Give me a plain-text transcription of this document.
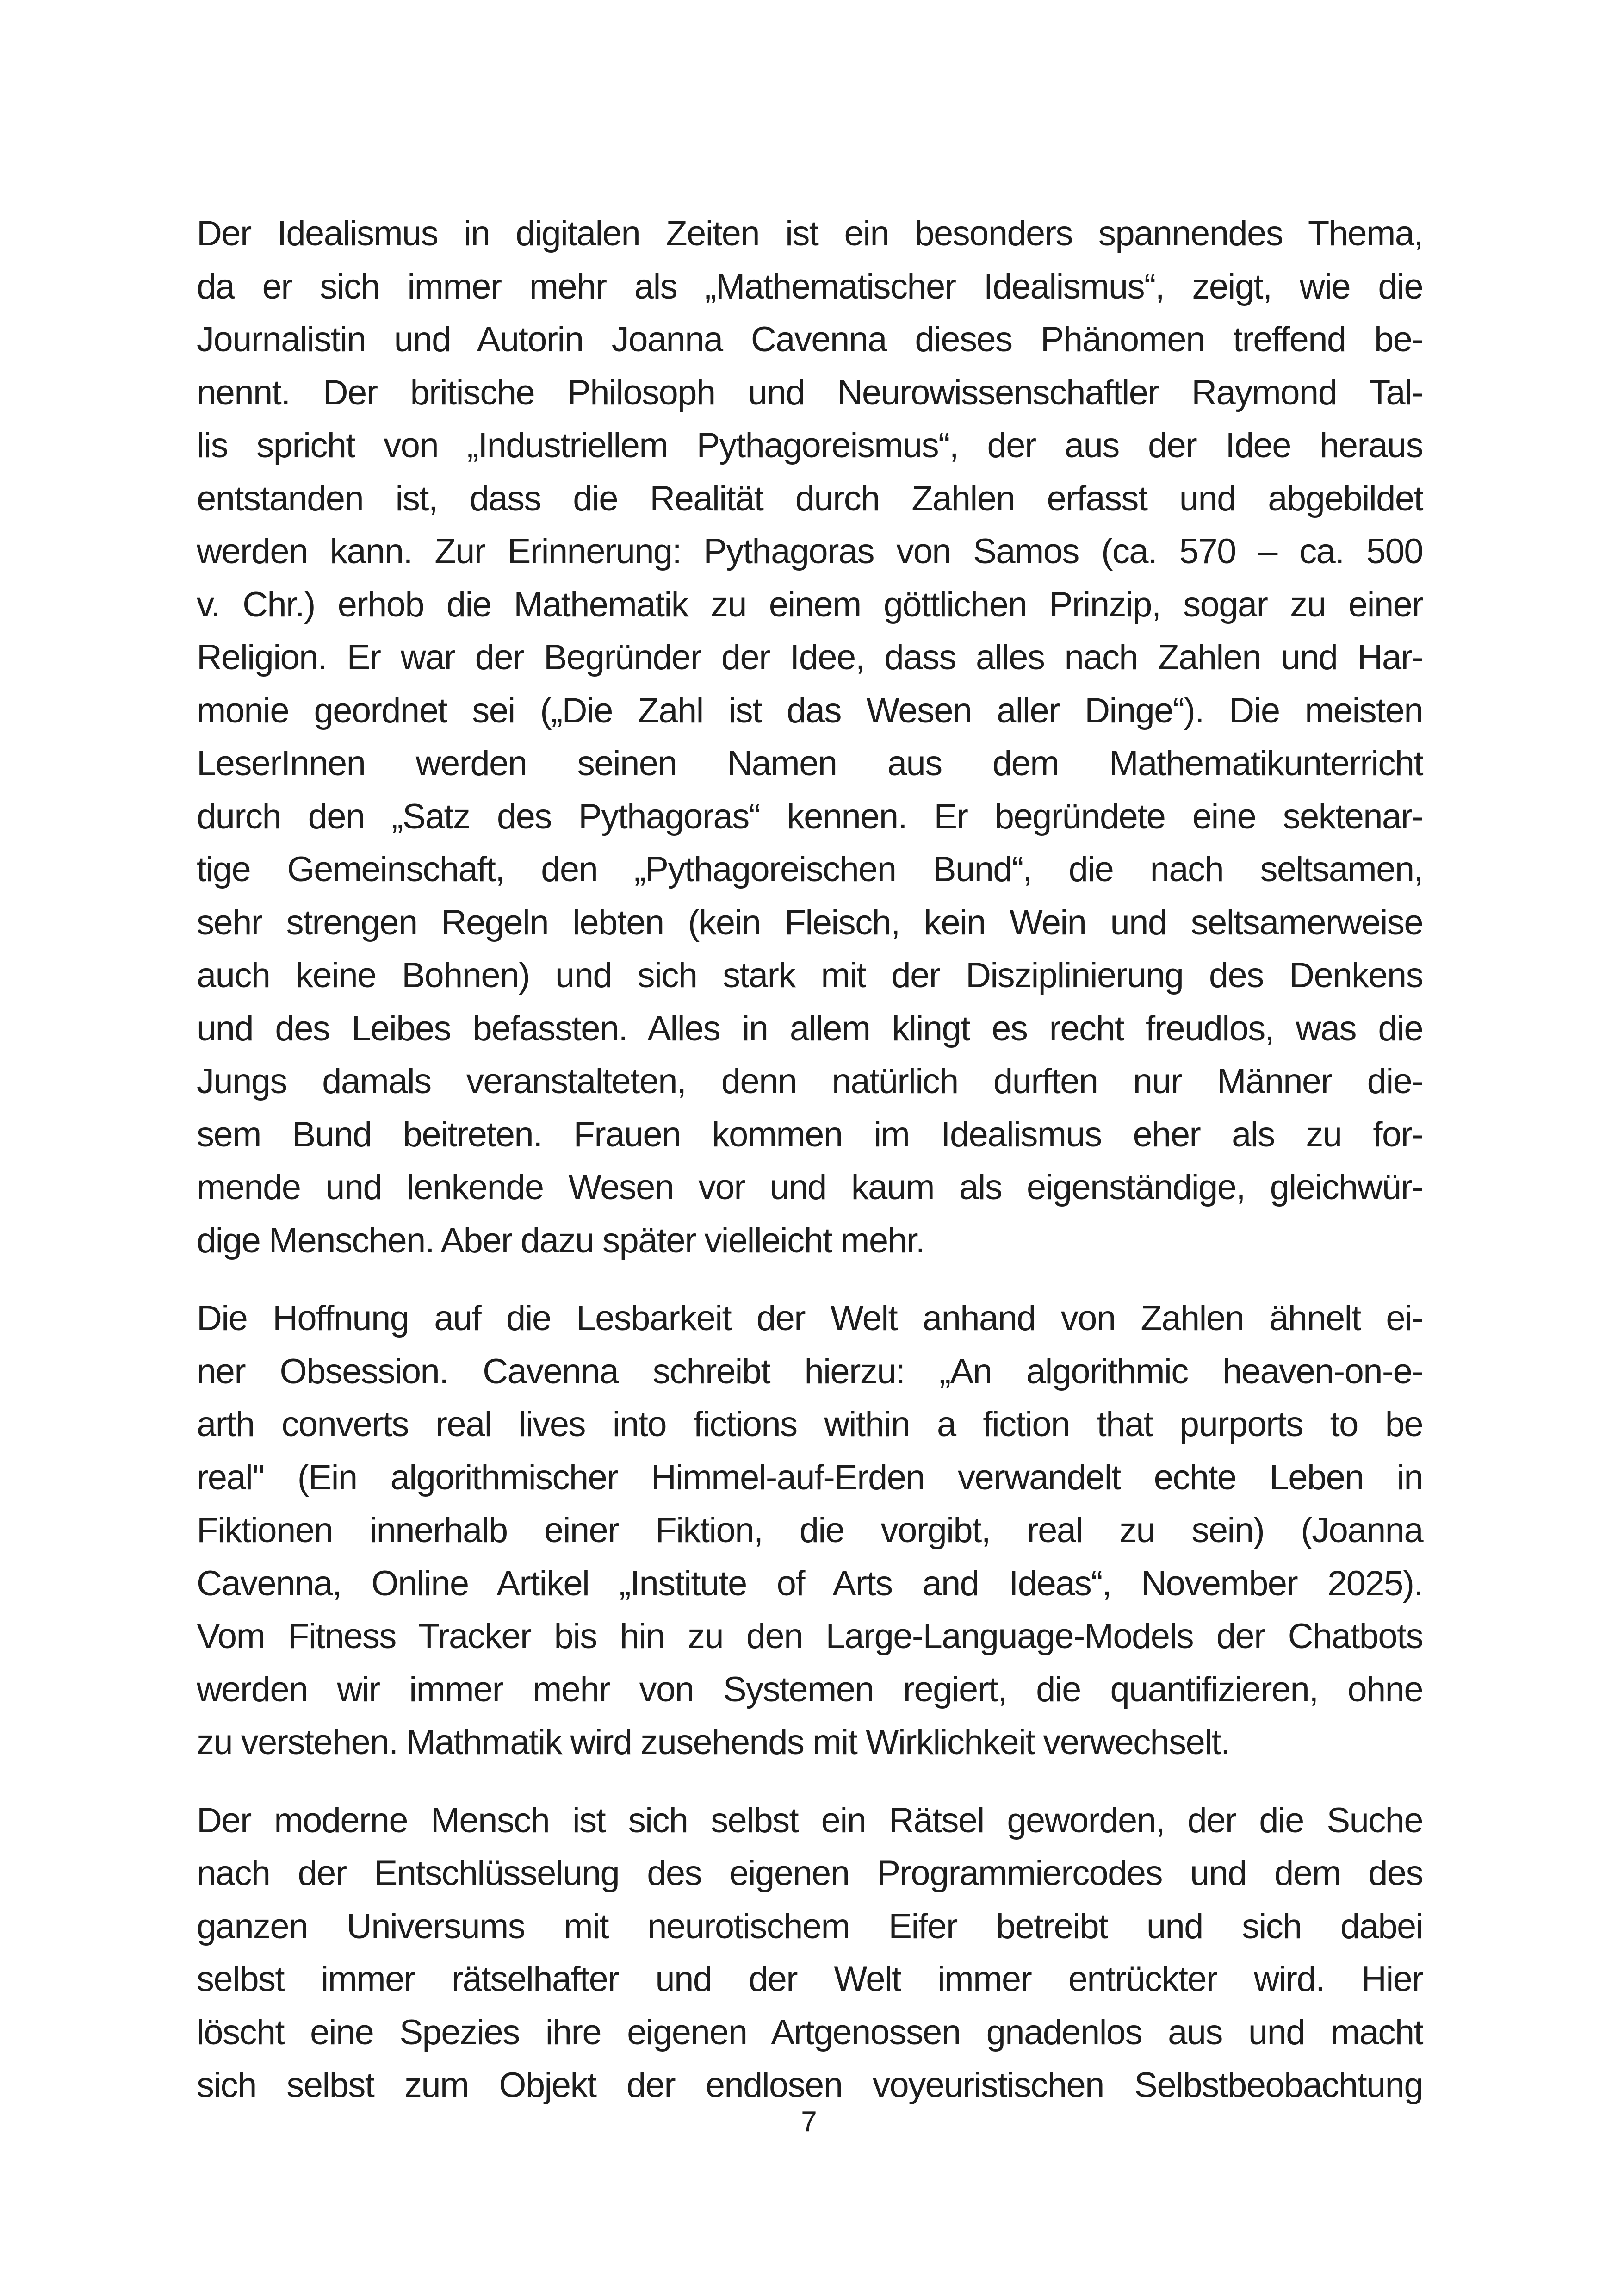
Der Idealismus in digitalen Zeiten ist ein besonders spannendes Thema,
da er sich immer mehr als „Mathematischer Idealismus“, zeigt, wie die
Journalistin und Autorin Joanna Cavenna dieses Phänomen treffend be-
nennt. Der britische Philosoph und Neurowissenschaftler Raymond Tal-
lis spricht von „Industriellem Pythagoreismus“, der aus der Idee heraus
entstanden ist, dass die Realität durch Zahlen erfasst und abgebildet
werden kann. Zur Erinnerung: Pythagoras von Samos (ca. 570 – ca. 500
v. Chr.) erhob die Mathematik zu einem göttlichen Prinzip, sogar zu einer
Religion. Er war der Begründer der Idee, dass alles nach Zahlen und Har-
monie geordnet sei („Die Zahl ist das Wesen aller Dinge“). Die meisten
LeserInnen werden seinen Namen aus dem Mathematikunterricht
durch den „Satz des Pythagoras“ kennen. Er begründete eine sektenar-
tige Gemeinschaft, den „Pythagoreischen Bund“, die nach seltsamen,
sehr strengen Regeln lebten (kein Fleisch, kein Wein und seltsamerweise
auch keine Bohnen) und sich stark mit der Disziplinierung des Denkens
und des Leibes befassten. Alles in allem klingt es recht freudlos, was die
Jungs damals veranstalteten, denn natürlich durften nur Männer die-
sem Bund beitreten. Frauen kommen im Idealismus eher als zu for-
mende und lenkende Wesen vor und kaum als eigenständige, gleichwür-
dige Menschen. Aber dazu später vielleicht mehr.

Die Hoffnung auf die Lesbarkeit der Welt anhand von Zahlen ähnelt ei-
ner Obsession. Cavenna schreibt hierzu: „An algorithmic heaven-on-e-
arth converts real lives into fictions within a fiction that purports to be
real" (Ein algorithmischer Himmel-auf-Erden verwandelt echte Leben in
Fiktionen innerhalb einer Fiktion, die vorgibt, real zu sein) (Joanna
Cavenna, Online Artikel „Institute of Arts and Ideas“, November 2025).
Vom Fitness Tracker bis hin zu den Large-Language-Models der Chatbots
werden wir immer mehr von Systemen regiert, die quantifizieren, ohne
zu verstehen. Mathmatik wird zusehends mit Wirklichkeit verwechselt.

Der moderne Mensch ist sich selbst ein Rätsel geworden, der die Suche
nach der Entschlüsselung des eigenen Programmiercodes und dem des
ganzen Universums mit neurotischem Eifer betreibt und sich dabei
selbst immer rätselhafter und der Welt immer entrückter wird. Hier
löscht eine Spezies ihre eigenen Artgenossen gnadenlos aus und macht
sich selbst zum Objekt der endlosen voyeuristischen Selbstbeobachtung

7
